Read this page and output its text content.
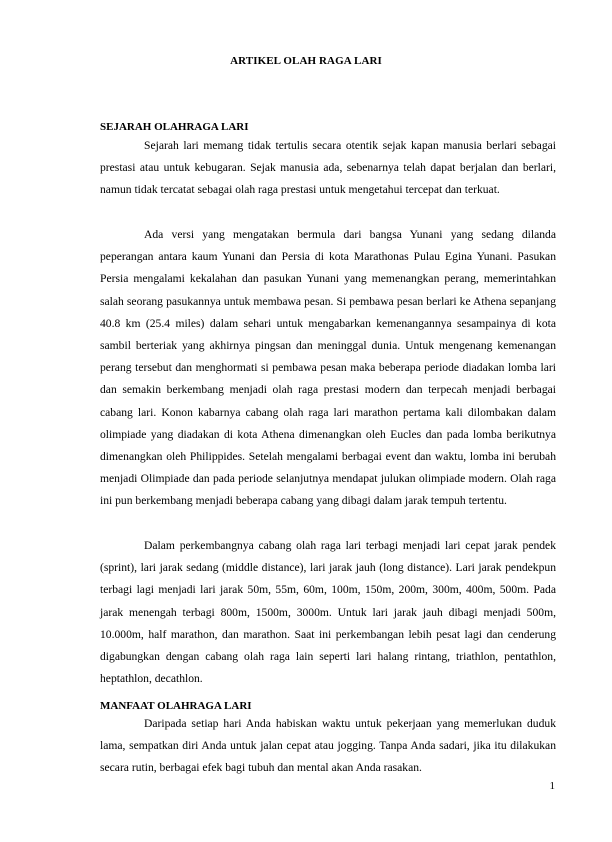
ARTIKEL OLAH RAGA LARI
SEJARAH OLAHRAGA LARI

Sejarah lari memang tidak tertulis secara otentik sejak kapan manusia berlari sebagai prestasi atau untuk kebugaran. Sejak manusia ada, sebenarnya telah dapat berjalan dan berlari, namun tidak tercatat sebagai olah raga prestasi untuk mengetahui tercepat dan terkuat.

Ada versi yang mengatakan bermula dari bangsa Yunani yang sedang dilanda peperangan antara kaum Yunani dan Persia di kota Marathonas Pulau Egina Yunani. Pasukan Persia mengalami kekalahan dan pasukan Yunani yang memenangkan perang, memerintahkan salah seorang pasukannya untuk membawa pesan. Si pembawa pesan berlari ke Athena sepanjang 40.8 km (25.4 miles) dalam sehari untuk mengabarkan kemenangannya sesampainya di kota sambil berteriak yang akhirnya pingsan dan meninggal dunia. Untuk mengenang kemenangan perang tersebut dan menghormati si pembawa pesan maka beberapa periode diadakan lomba lari dan semakin berkembang menjadi olah raga prestasi modern dan terpecah menjadi berbagai cabang lari. Konon kabarnya cabang olah raga lari marathon pertama kali dilombakan dalam olimpiade yang diadakan di kota Athena dimenangkan oleh Eucles dan pada lomba berikutnya dimenangkan oleh Philippides. Setelah mengalami berbagai event dan waktu, lomba ini berubah menjadi Olimpiade dan pada periode selanjutnya mendapat julukan olimpiade modern. Olah raga ini pun berkembang menjadi beberapa cabang yang dibagi dalam jarak tempuh tertentu.

Dalam perkembangnya cabang olah raga lari terbagi menjadi lari cepat jarak pendek (sprint), lari jarak sedang (middle distance), lari jarak jauh (long distance). Lari jarak pendekpun terbagi lagi menjadi lari jarak 50m, 55m, 60m, 100m, 150m, 200m, 300m, 400m, 500m. Pada jarak menengah terbagi 800m, 1500m, 3000m. Untuk lari jarak jauh dibagi menjadi 500m, 10.000m, half marathon, dan marathon. Saat ini perkembangan lebih pesat lagi dan cenderung digabungkan dengan cabang olah raga lain seperti lari halang rintang, triathlon, pentathlon, heptathlon, decathlon.

MANFAAT OLAHRAGA LARI

Daripada setiap hari Anda habiskan waktu untuk pekerjaan yang memerlukan duduk lama, sempatkan diri Anda untuk jalan cepat atau jogging. Tanpa Anda sadari, jika itu dilakukan secara rutin, berbagai efek bagi tubuh dan mental akan Anda rasakan.

1
